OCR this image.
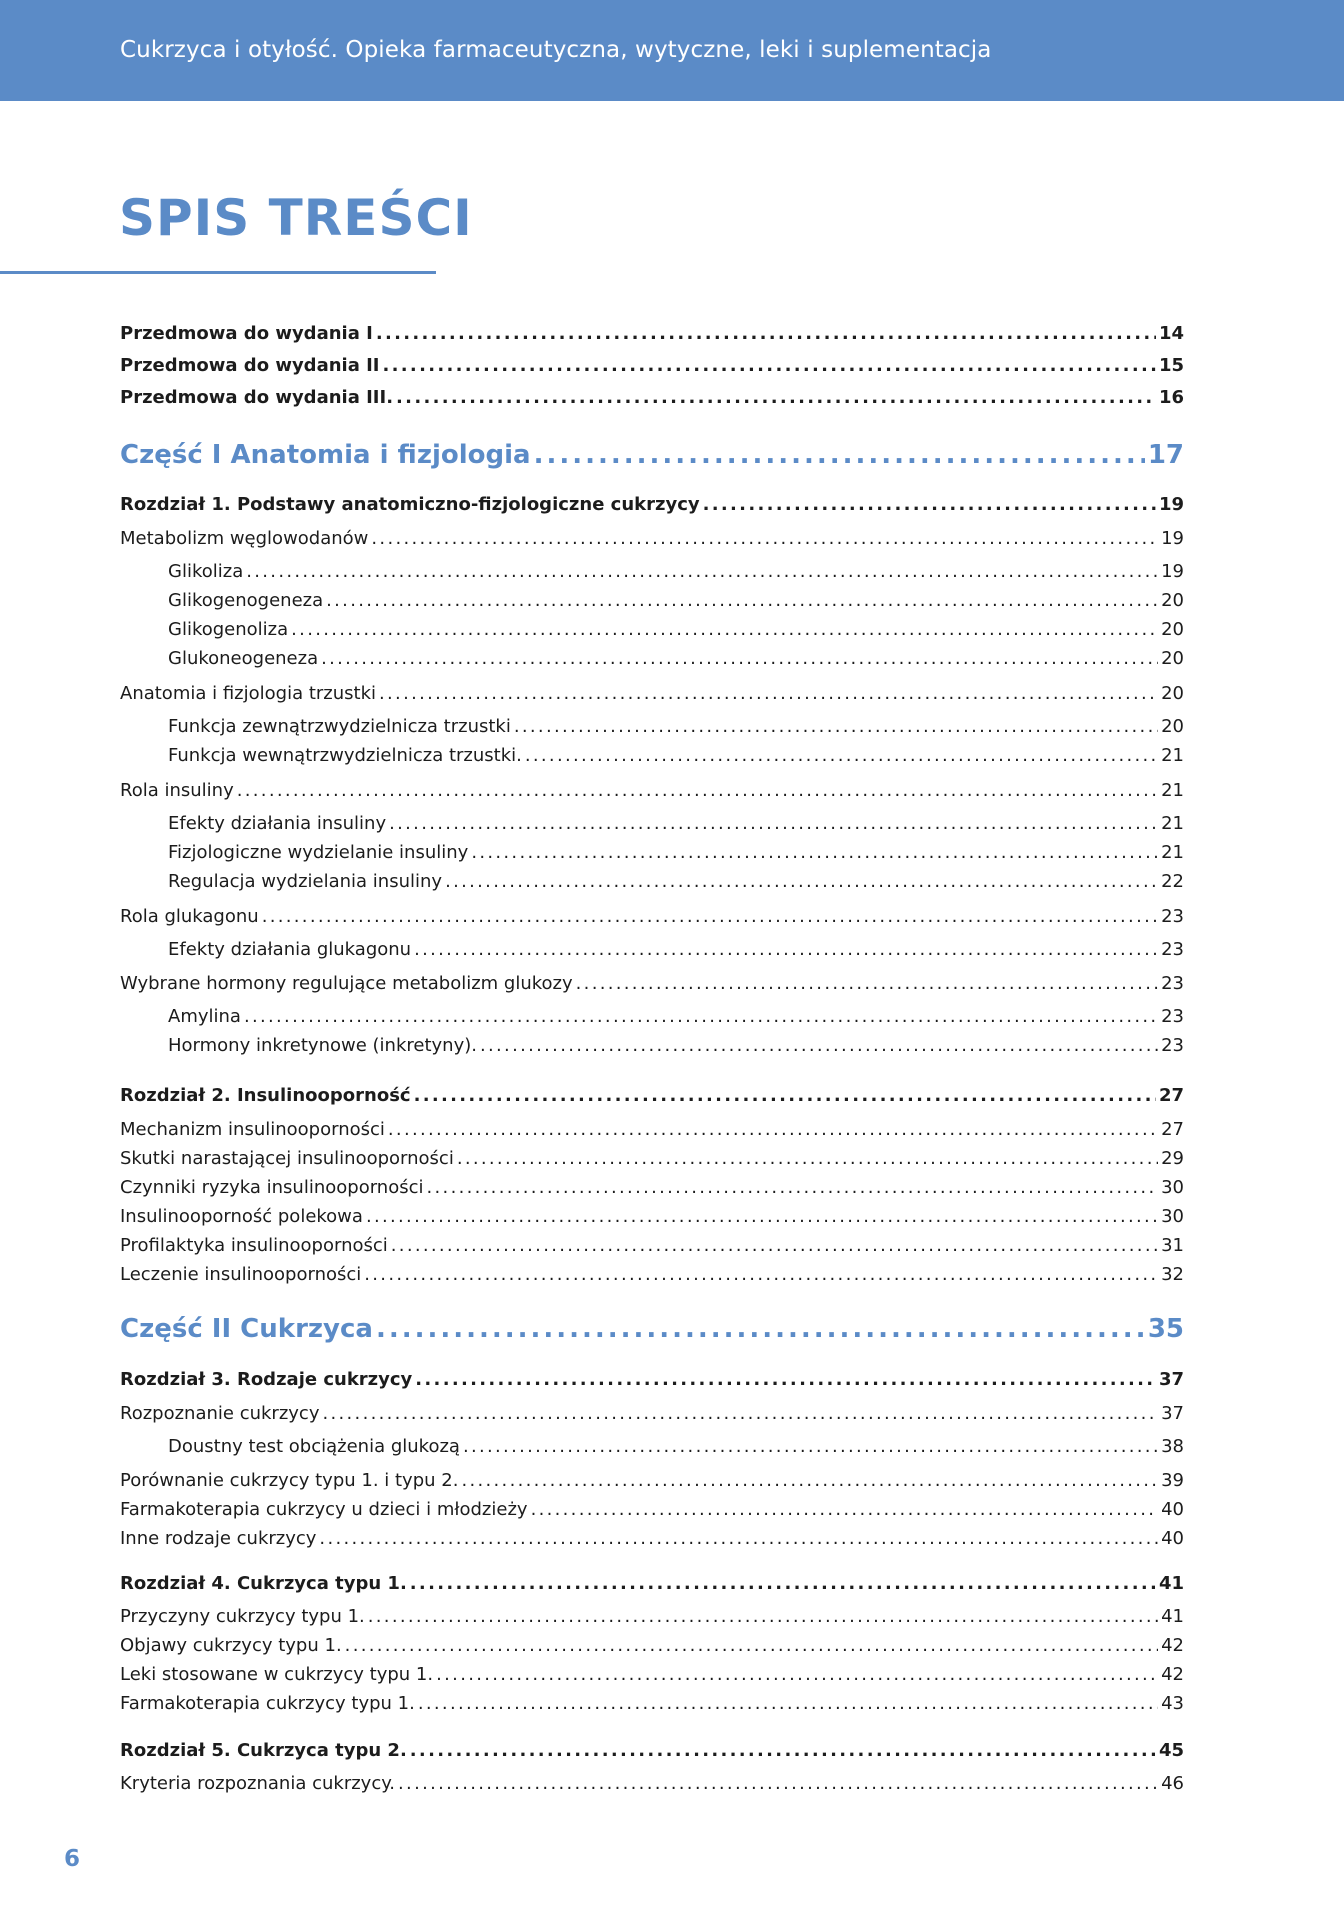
Cukrzyca i otyłość. Opieka farmaceutyczna, wytyczne, leki i suplementacja
SPIS TREŚCI
Przedmowa do wydania I .....	14
Przedmowa do wydania II .....	15
Przedmowa do wydania III. .....	16
Część I Anatomia i fizjologia .....	17
Rozdział 1. Podstawy anatomiczno-fizjologiczne cukrzycy .....	19
Metabolizm węglowodanów .....	19
Glikoliza .....	19
Glikogenogeneza .....	20
Glikogenoliza .....	20
Glukoneogeneza .....	20
Anatomia i fizjologia trzustki .....	20
Funkcja zewnątrzwydzielnicza trzustki .....	20
Funkcja wewnątrzwydzielnicza trzustki. .....	21
Rola insuliny .....	21
Efekty działania insuliny .....	21
Fizjologiczne wydzielanie insuliny .....	21
Regulacja wydzielania insuliny .....	22
Rola glukagonu .....	23
Efekty działania glukagonu .....	23
Wybrane hormony regulujące metabolizm glukozy .....	23
Amylina .....	23
Hormony inkretynowe (inkretyny). .....	23
Rozdział 2. Insulinooporność .....	27
Mechanizm insulinooporności .....	27
Skutki narastającej insulinooporności .....	29
Czynniki ryzyka insulinooporności .....	30
Insulinooporność polekowa .....	30
Profilaktyka insulinooporności .....	31
Leczenie insulinooporności .....	32
Część II Cukrzyca .....	35
Rozdział 3. Rodzaje cukrzycy .....	37
Rozpoznanie cukrzycy .....	37
Doustny test obciążenia glukozą .....	38
Porównanie cukrzycy typu 1. i typu 2. .....	39
Farmakoterapia cukrzycy u dzieci i młodzieży .....	40
Inne rodzaje cukrzycy .....	40
Rozdział 4. Cukrzyca typu 1. .....	41
Przyczyny cukrzycy typu 1. .....	41
Objawy cukrzycy typu 1. .....	42
Leki stosowane w cukrzycy typu 1. .....	42
Farmakoterapia cukrzycy typu 1. .....	43
Rozdział 5. Cukrzyca typu 2. .....	45
Kryteria rozpoznania cukrzycy. .....	46
6
